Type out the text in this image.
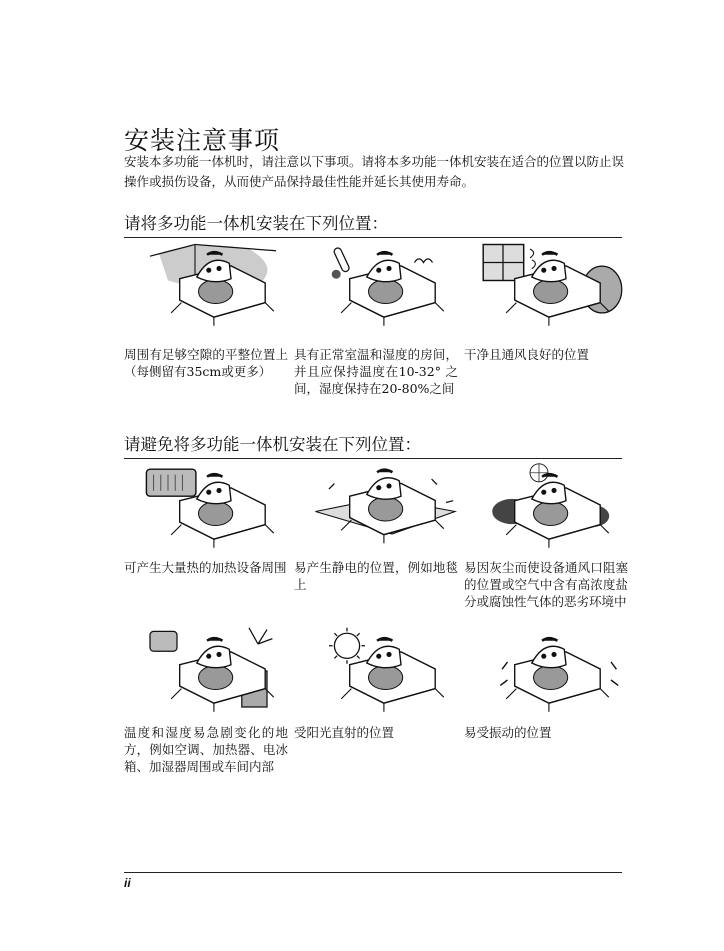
安装注意事项

安装本多功能一体机时，请注意以下事项。请将本多功能一体机安装在适合的位置以防止误操作或损伤设备，从而使产品保持最佳性能并延长其使用寿命。

请将多功能一体机安装在下列位置：
周围有足够空隙的平整位置上（每侧留有35cm或更多）
具有正常室温和湿度的房间，并且应保持温度在10-32° 之间，湿度保持在20-80%之间
干净且通风良好的位置
请避免将多功能一体机安装在下列位置：
可产生大量热的加热设备周围 易产生静电的位置，例如地毯上
易因灰尘而使设备通风口阻塞的位置或空气中含有高浓度盐分或腐蚀性气体的恶劣环境中
温度和湿度易急剧变化的地方，例如空调、加热器、电冰箱、加湿器周围或车间内部
受阳光直射的位置	易受振动的位置
ii
